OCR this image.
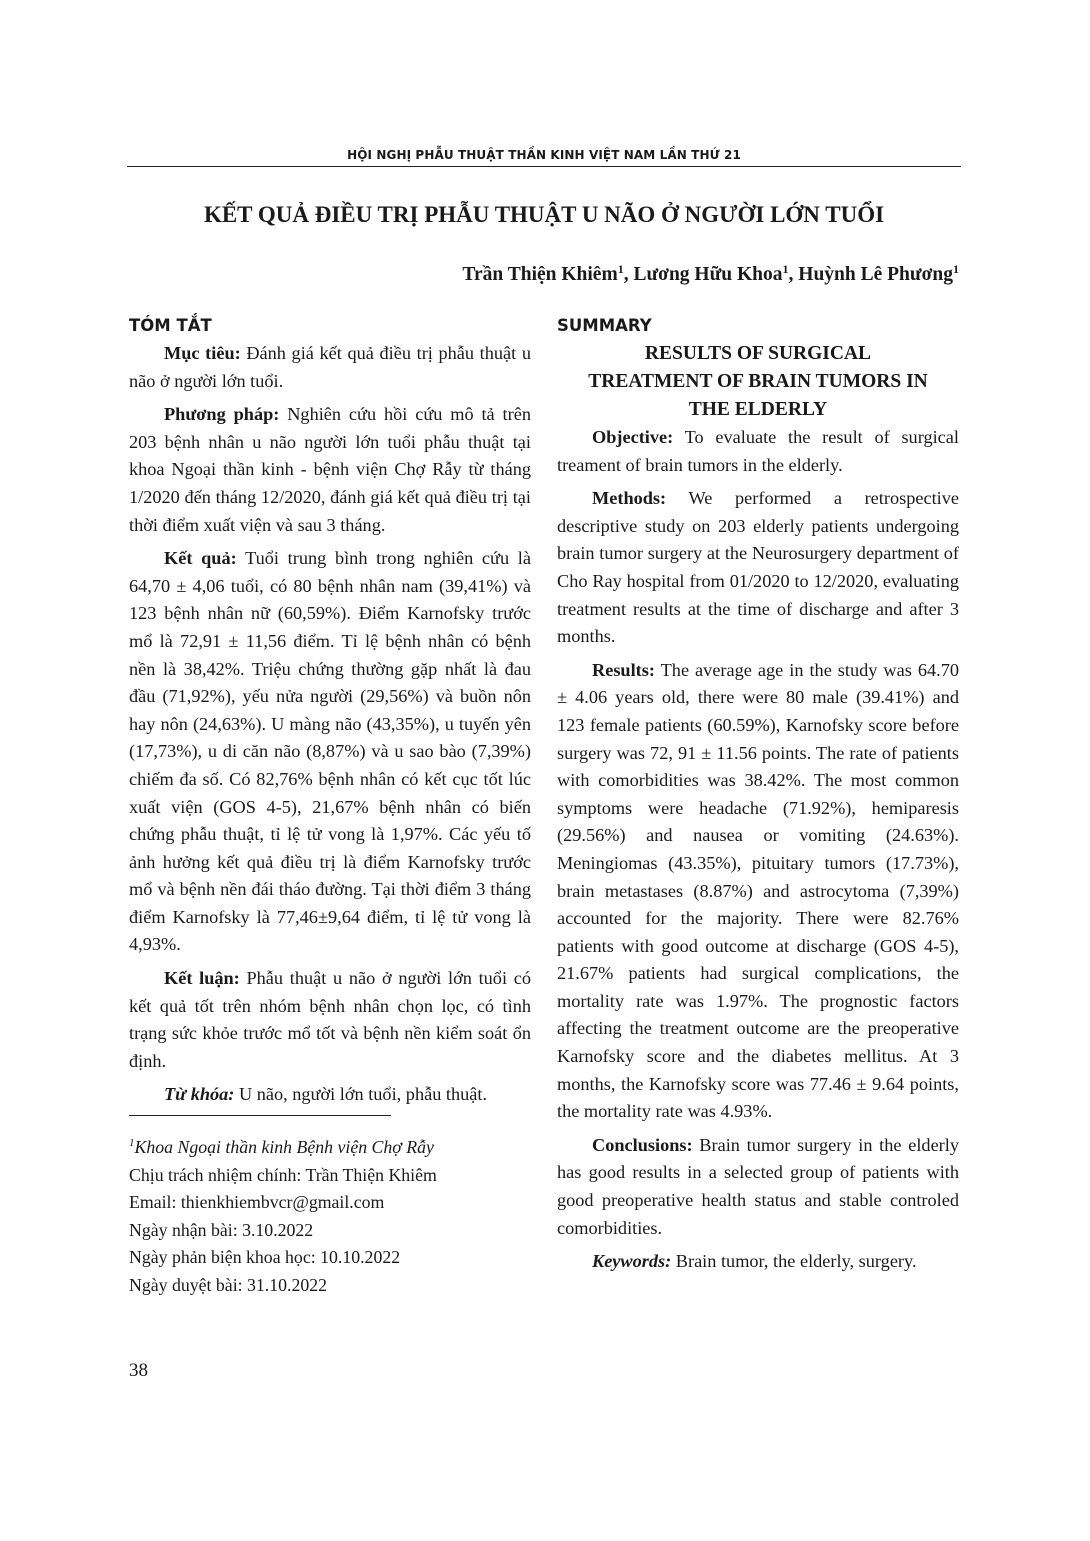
HỘI NGHỊ PHẪU THUẬT THẦN KINH VIỆT NAM LẦN THỨ 21
KẾT QUẢ ĐIỀU TRỊ PHẪU THUẬT U NÃO Ở NGƯỜI LỚN TUỔI
Trần Thiện Khiêm$^1$, Lương Hữu Khoa$^1$, Huỳnh Lê Phương$^1$
TÓM TẮT

Mục tiêu: Đánh giá kết quả điều trị phẫu thuật u não ở người lớn tuổi.

Phương pháp: Nghiên cứu hồi cứu mô tả trên 203 bệnh nhân u não người lớn tuổi phẫu thuật tại khoa Ngoại thần kinh - bệnh viện Chợ Rẫy từ tháng 1/2020 đến tháng 12/2020, đánh giá kết quả điều trị tại thời điểm xuất viện và sau 3 tháng.

Kết quả: Tuổi trung bình trong nghiên cứu là 64,70 ± 4,06 tuổi, có 80 bệnh nhân nam (39,41%) và 123 bệnh nhân nữ (60,59%). Điểm Karnofsky trước mổ là 72,91 ± 11,56 điểm. Tỉ lệ bệnh nhân có bệnh nền là 38,42%. Triệu chứng thường gặp nhất là đau đầu (71,92%), yếu nửa người (29,56%) và buồn nôn hay nôn (24,63%). U màng não (43,35%), u tuyến yên (17,73%), u di căn não (8,87%) và u sao bào (7,39%) chiếm đa số. Có 82,76% bệnh nhân có kết cục tốt lúc xuất viện (GOS 4-5), 21,67% bệnh nhân có biến chứng phẫu thuật, tỉ lệ tử vong là 1,97%. Các yếu tố ảnh hưởng kết quả điều trị là điểm Karnofsky trước mổ và bệnh nền đái tháo đường. Tại thời điểm 3 tháng điểm Karnofsky là 77,46±9,64 điểm, tỉ lệ tử vong là 4,93%.

Kết luận: Phẫu thuật u não ở người lớn tuổi có kết quả tốt trên nhóm bệnh nhân chọn lọc, có tình trạng sức khỏe trước mổ tốt và bệnh nền kiểm soát ổn định.

Từ khóa: U não, người lớn tuổi, phẫu thuật.

$^1$Khoa Ngoại thần kinh Bệnh viện Chợ Rẫy

Chịu trách nhiệm chính: Trần Thiện Khiêm

Email: thienkhiembvcr@gmail.com

Ngày nhận bài: 3.10.2022

Ngày phản biện khoa học: 10.10.2022

Ngày duyệt bài: 31.10.2022

SUMMARY
RESULTS OF SURGICAL
TREATMENT OF BRAIN TUMORS IN
THE ELDERLY

Objective: To evaluate the result of surgical treament of brain tumors in the elderly.

Methods: We performed a retrospective descriptive study on 203 elderly patients undergoing brain tumor surgery at the Neurosurgery department of Cho Ray hospital from 01/2020 to 12/2020, evaluating treatment results at the time of discharge and after 3 months.

Results: The average age in the study was 64.70 ± 4.06 years old, there were 80 male (39.41%) and 123 female patients (60.59%), Karnofsky score before surgery was 72, 91 ± 11.56 points. The rate of patients with comorbidities was 38.42%. The most common symptoms were headache (71.92%), hemiparesis (29.56%) and nausea or vomiting (24.63%). Meningiomas (43.35%), pituitary tumors (17.73%), brain metastases (8.87%) and astrocytoma (7,39%) accounted for the majority. There were 82.76% patients with good outcome at discharge (GOS 4-5), 21.67% patients had surgical complications, the mortality rate was 1.97%. The prognostic factors affecting the treatment outcome are the preoperative Karnofsky score and the diabetes mellitus. At 3 months, the Karnofsky score was 77.46 ± 9.64 points, the mortality rate was 4.93%.

Conclusions: Brain tumor surgery in the elderly has good results in a selected group of patients with good preoperative health status and stable controled comorbidities.

Keywords: Brain tumor, the elderly, surgery.

38
